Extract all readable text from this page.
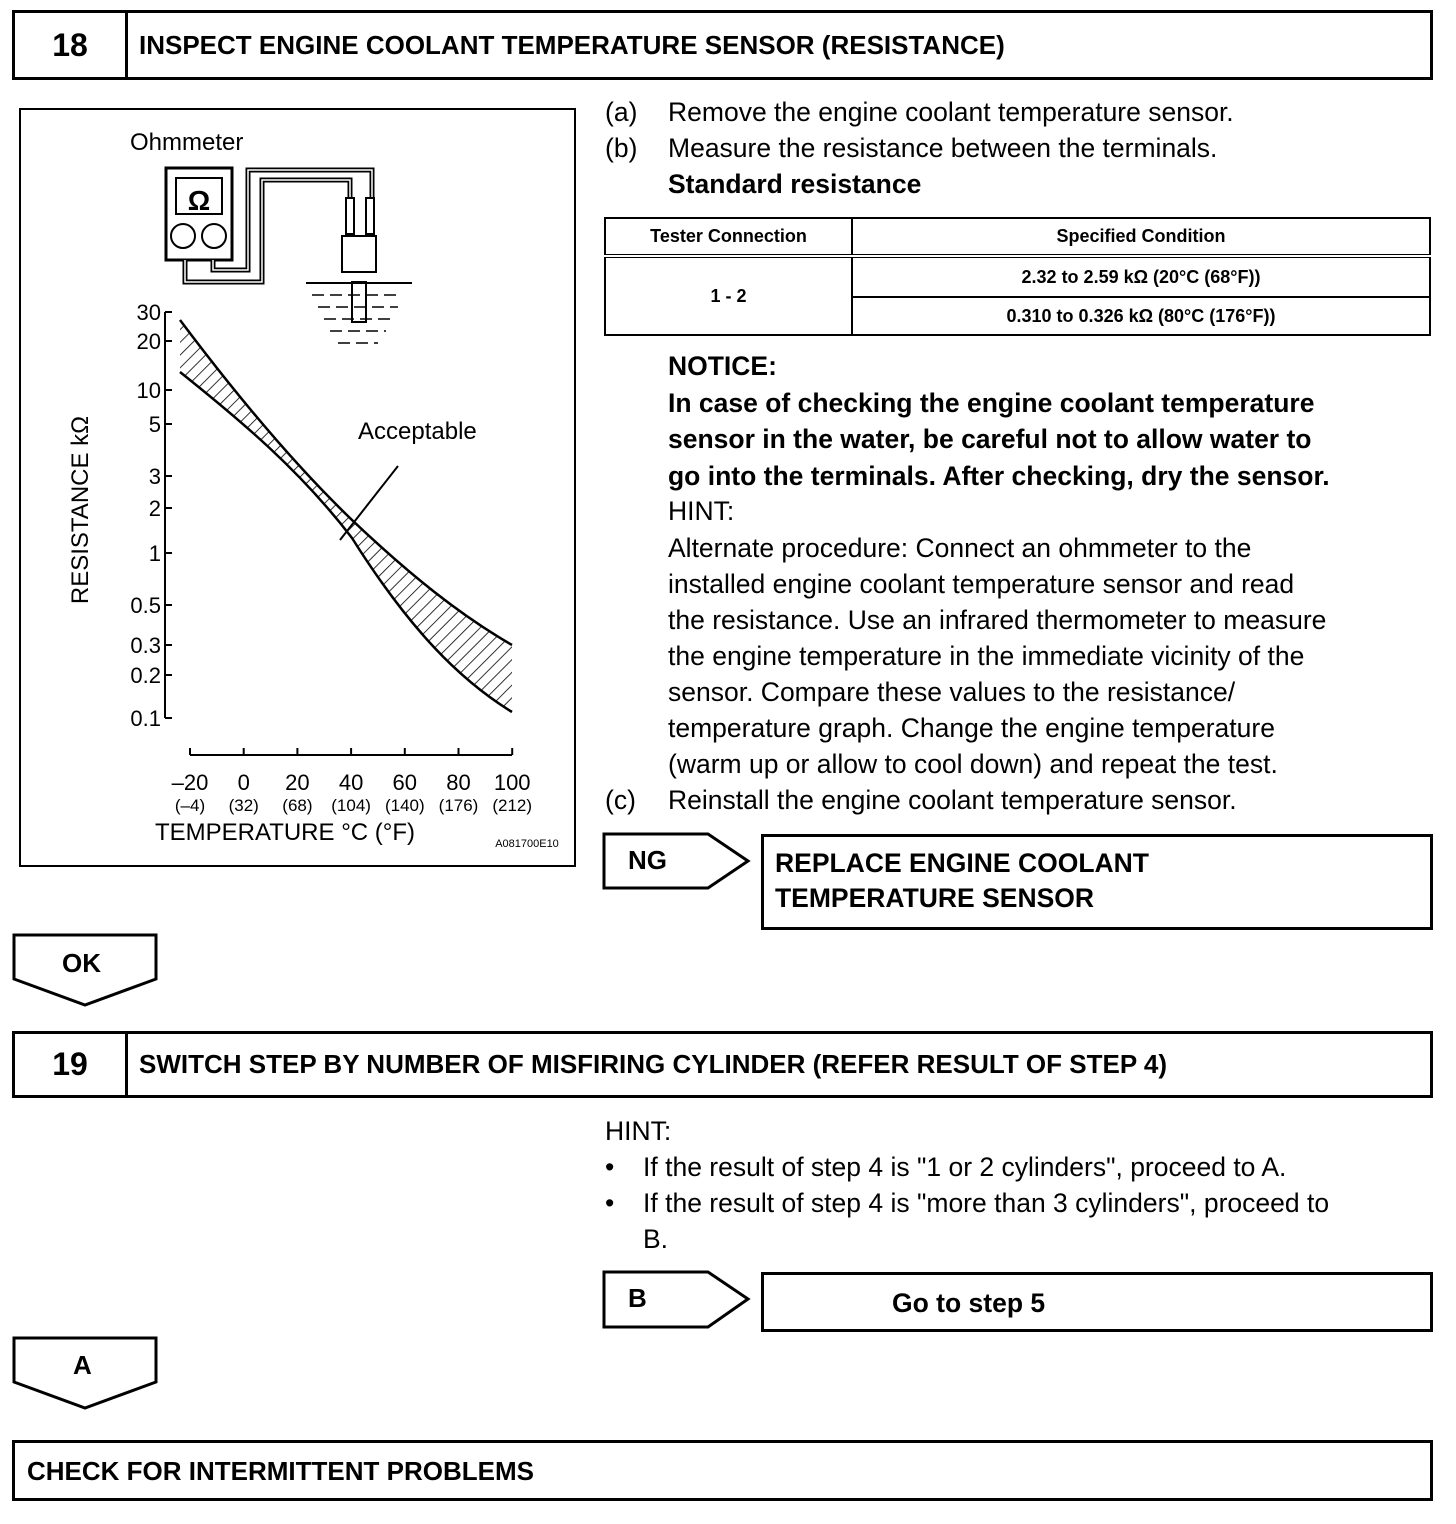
18	INSPECT ENGINE COOLANT TEMPERATURE SENSOR (RESISTANCE)
Ohmmeter
Ω
30
20
10
5
3
2
1
0.5
0.3
0.2
0.1
–20
(–4)
0
(32)
20
(68)
40
(104)
60
(140)
80
(176)
100
(212)
Acceptable
RESISTANCE kΩ
TEMPERATURE °C (°F)	A081700E10
(a) Remove the engine coolant temperature sensor.
(b) Measure the resistance between the terminals.
Standard resistance
Tester Connection	Specified Condition
1 - 2	2.32 to 2.59 kΩ (20°C (68°F))
	0.310 to 0.326 kΩ (80°C (176°F))
NOTICE:
In case of checking the engine coolant temperature
sensor in the water, be careful not to allow water to
go into the terminals. After checking, dry the sensor.
HINT:
Alternate procedure: Connect an ohmmeter to the
installed engine coolant temperature sensor and read
the resistance. Use an infrared thermometer to measure
the engine temperature in the immediate vicinity of the
sensor. Compare these values to the resistance/
temperature graph. Change the engine temperature
(warm up or allow to cool down) and repeat the test.
(c) Reinstall the engine coolant temperature sensor.
NG	REPLACE ENGINE COOLANT
TEMPERATURE SENSOR
OK
19	SWITCH STEP BY NUMBER OF MISFIRING CYLINDER (REFER RESULT OF STEP 4)
HINT:
• If the result of step 4 is "1 or 2 cylinders", proceed to A.
• If the result of step 4 is "more than 3 cylinders", proceed to
B.
B	Go to step 5
A
CHECK FOR INTERMITTENT PROBLEMS
